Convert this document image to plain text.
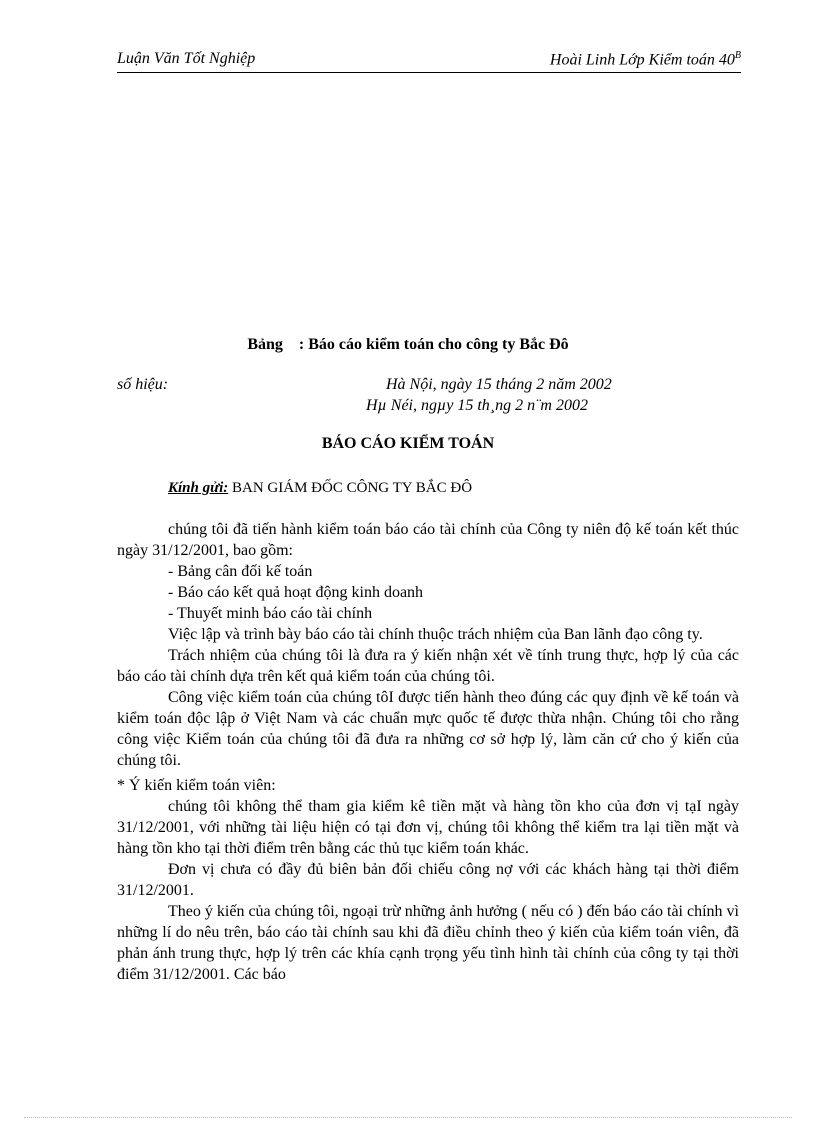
Luận Văn Tốt Nghiệp	Hoài Linh Lớp Kiểm toán $40^B$
Bảng    : Báo cáo kiểm toán cho công ty Bắc Đô
số hiệu:	Hà Nội, ngày 15 tháng 2 năm 2002
Hµ Néi, ngµy 15 th¸ng 2 n¨m 2002
BÁO CÁO KIỂM TOÁN
Kính gửi: BAN GIÁM ĐỐC CÔNG TY BẮC ĐÔ

chúng tôi đã tiến hành kiểm toán báo cáo tài chính của Công ty niên độ kế toán kết thúc ngày 31/12/2001, bao gồm:

- Bảng cân đối kế toán

- Báo cáo kết quả hoạt động kinh doanh

- Thuyết minh báo cáo tài chính

Việc lập và trình bày báo cáo tài chính thuộc trách nhiệm của Ban lãnh đạo công ty.

Trách nhiệm của chúng tôi là đưa ra ý kiến nhận xét về tính trung thực, hợp lý của các báo cáo tài chính dựa trên kết quả kiểm toán của chúng tôi.

Công việc kiểm toán của chúng tôI được tiến hành theo đúng các quy định về kế toán và kiểm toán độc lập ở Việt Nam và các chuẩn mực quốc tế được thừa nhận. Chúng tôi cho rằng công việc Kiểm toán của chúng tôi đã đưa ra những cơ sở hợp lý, làm căn cứ cho ý kiến của chúng tôi.

* Ý kiến kiểm toán viên:

chúng tôi không thể tham gia kiểm kê tiền mặt và hàng tồn kho của đơn vị tạI ngày 31/12/2001, với những tài liệu hiện có tại đơn vị, chúng tôi không thể kiểm tra lại tiền mặt và hàng tồn kho tại thời điểm trên bằng các thủ tục kiểm toán khác.

Đơn vị chưa có đầy đủ biên bản đối chiếu công nợ với các khách hàng tại thời điểm 31/12/2001.

Theo ý kiến của chúng tôi, ngoại trừ những ảnh hưởng ( nếu có ) đến báo cáo tài chính vì những lí do nêu trên, báo cáo tài chính sau khi đã điều chỉnh theo ý kiến của kiểm toán viên, đã phản ánh trung thực, hợp lý trên các khía cạnh trọng yếu tình hình tài chính của công ty tại thời điểm 31/12/2001. Các báo
